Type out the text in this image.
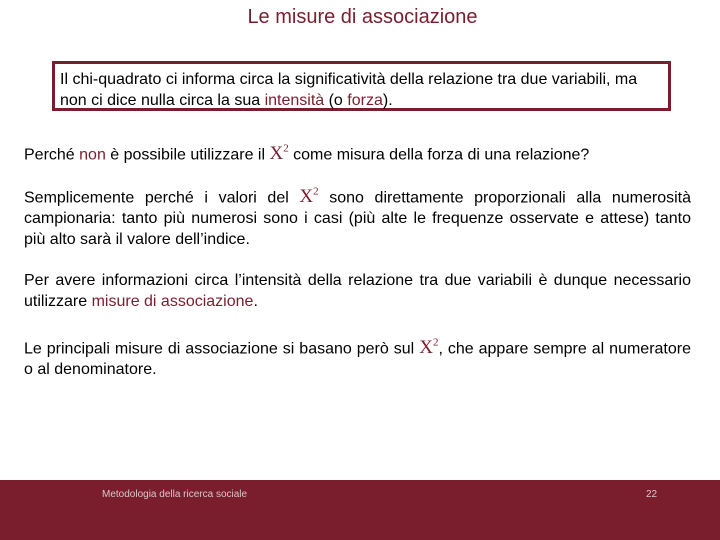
Le misure di associazione
Il chi-quadrato ci informa circa la significatività della relazione tra due variabili, ma non ci dice nulla circa la sua intensità (o forza).
Perché non è possibile utilizzare il $X^2$ come misura della forza di una relazione?
Semplicemente perché i valori del $X^2$ sono direttamente proporzionali alla numerosità campionaria: tanto più numerosi sono i casi (più alte le frequenze osservate e attese) tanto più alto sarà il valore dell’indice.
Per avere informazioni circa l’intensità della relazione tra due variabili è dunque necessario utilizzare misure di associazione.
Le principali misure di associazione si basano però sul $X^2$, che appare sempre al numeratore o al denominatore.
Metodologia della ricerca sociale	22
